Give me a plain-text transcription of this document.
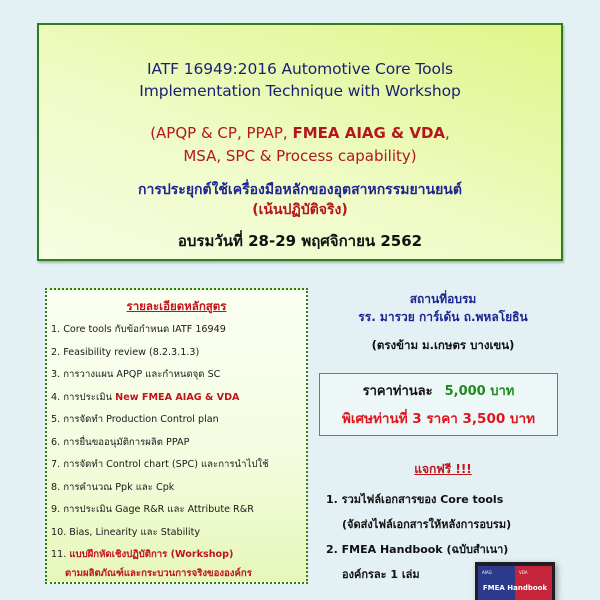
IATF 16949:2016 Automotive Core Tools
Implementation Technique with Workshop
(APQP & CP, PPAP, FMEA AIAG & VDA,
MSA, SPC & Process capability)
การประยุกต์ใช้เครื่องมือหลักของอุตสาหกรรมยานยนต์
(เน้นปฏิบัติจริง)
อบรมวันที่ 28-29 พฤศจิกายน 2562
รายละเอียดหลักสูตร
1. Core tools กับข้อกำหนด IATF 16949
2. Feasibility review (8.2.3.1.3)
3. การวางแผน APQP และกำหนดจุด SC
4. การประเมิน New FMEA AIAG & VDA
5. การจัดทำ Production Control plan
6. การยื่นขออนุมัติการผลิต PPAP
7. การจัดทำ Control chart (SPC) และการนำไปใช้
8. การคำนวณ Ppk และ Cpk
9. การประเมิน Gage R&R และ Attribute R&R
10. Bias, Linearity และ Stability
11. แบบฝึกหัดเชิงปฏิบัติการ (Workshop)
ตามผลิตภัณฑ์และกระบวนการจริงขององค์กร
สถานที่อบรม
รร. มารวย การ์เด้น ถ.พหลโยธิน
(ตรงข้าม ม.เกษตร บางเขน)
ราคาท่านละ 5,000 บาท
พิเศษท่านที่ 3 ราคา 3,500 บาท
แจกฟรี !!!
1. รวมไฟล์เอกสารของ Core tools
(จัดส่งไฟล์เอกสารให้หลังการอบรม)
2. FMEA Handbook (ฉบับสำเนา)
องค์กรละ 1 เล่ม	AIAG	VDA
FMEA Handbook
